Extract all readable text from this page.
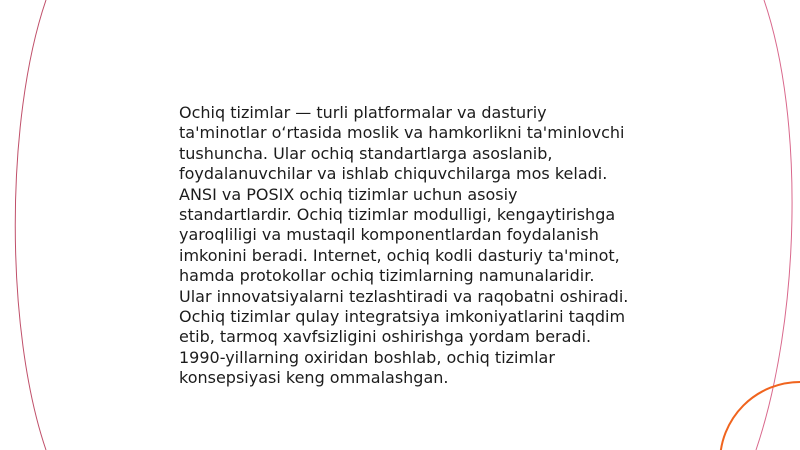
Ochiq tizimlar — turli platformalar va dasturiy ta'minotlar o‘rtasida moslik va hamkorlikni ta'minlovchi tushuncha. Ular ochiq standartlarga asoslanib, foydalanuvchilar va ishlab chiquvchilarga mos keladi. ANSI va POSIX ochiq tizimlar uchun asosiy standartlardir. Ochiq tizimlar modulligi, kengaytirishga yaroqliligi va mustaqil komponentlardan foydalanish imkonini beradi. Internet, ochiq kodli dasturiy ta'minot, hamda protokollar ochiq tizimlarning namunalaridir. Ular innovatsiyalarni tezlashtiradi va raqobatni oshiradi. Ochiq tizimlar qulay integratsiya imkoniyatlarini taqdim etib, tarmoq xavfsizligini oshirishga yordam beradi. 1990-yillarning oxiridan boshlab, ochiq tizimlar konsepsiyasi keng ommalashgan.
